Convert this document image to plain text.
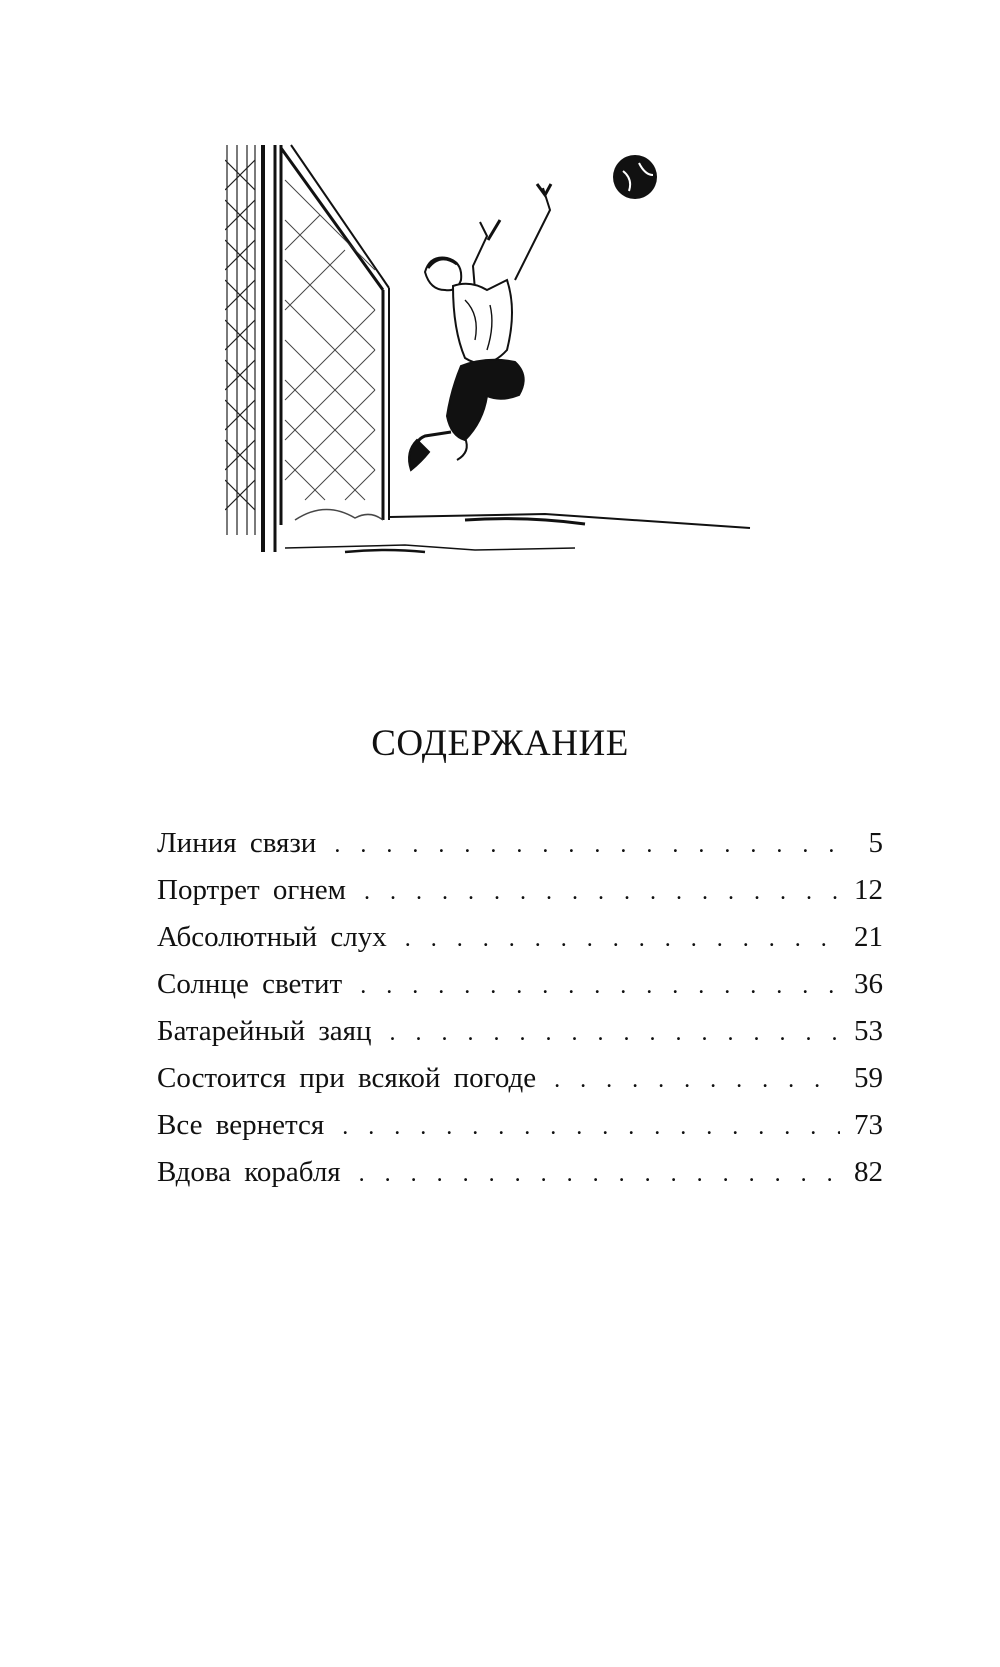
СОДЕРЖАНИЕ
Линия связи . . .	5
Портрет огнем . . .	12
Абсолютный слух . . .	21
Солнце светит . . .	36
Батарейный заяц . . .	53
Состоится при всякой погоде . . .	59
Все вернется . . .	73
Вдова корабля . . .	82
